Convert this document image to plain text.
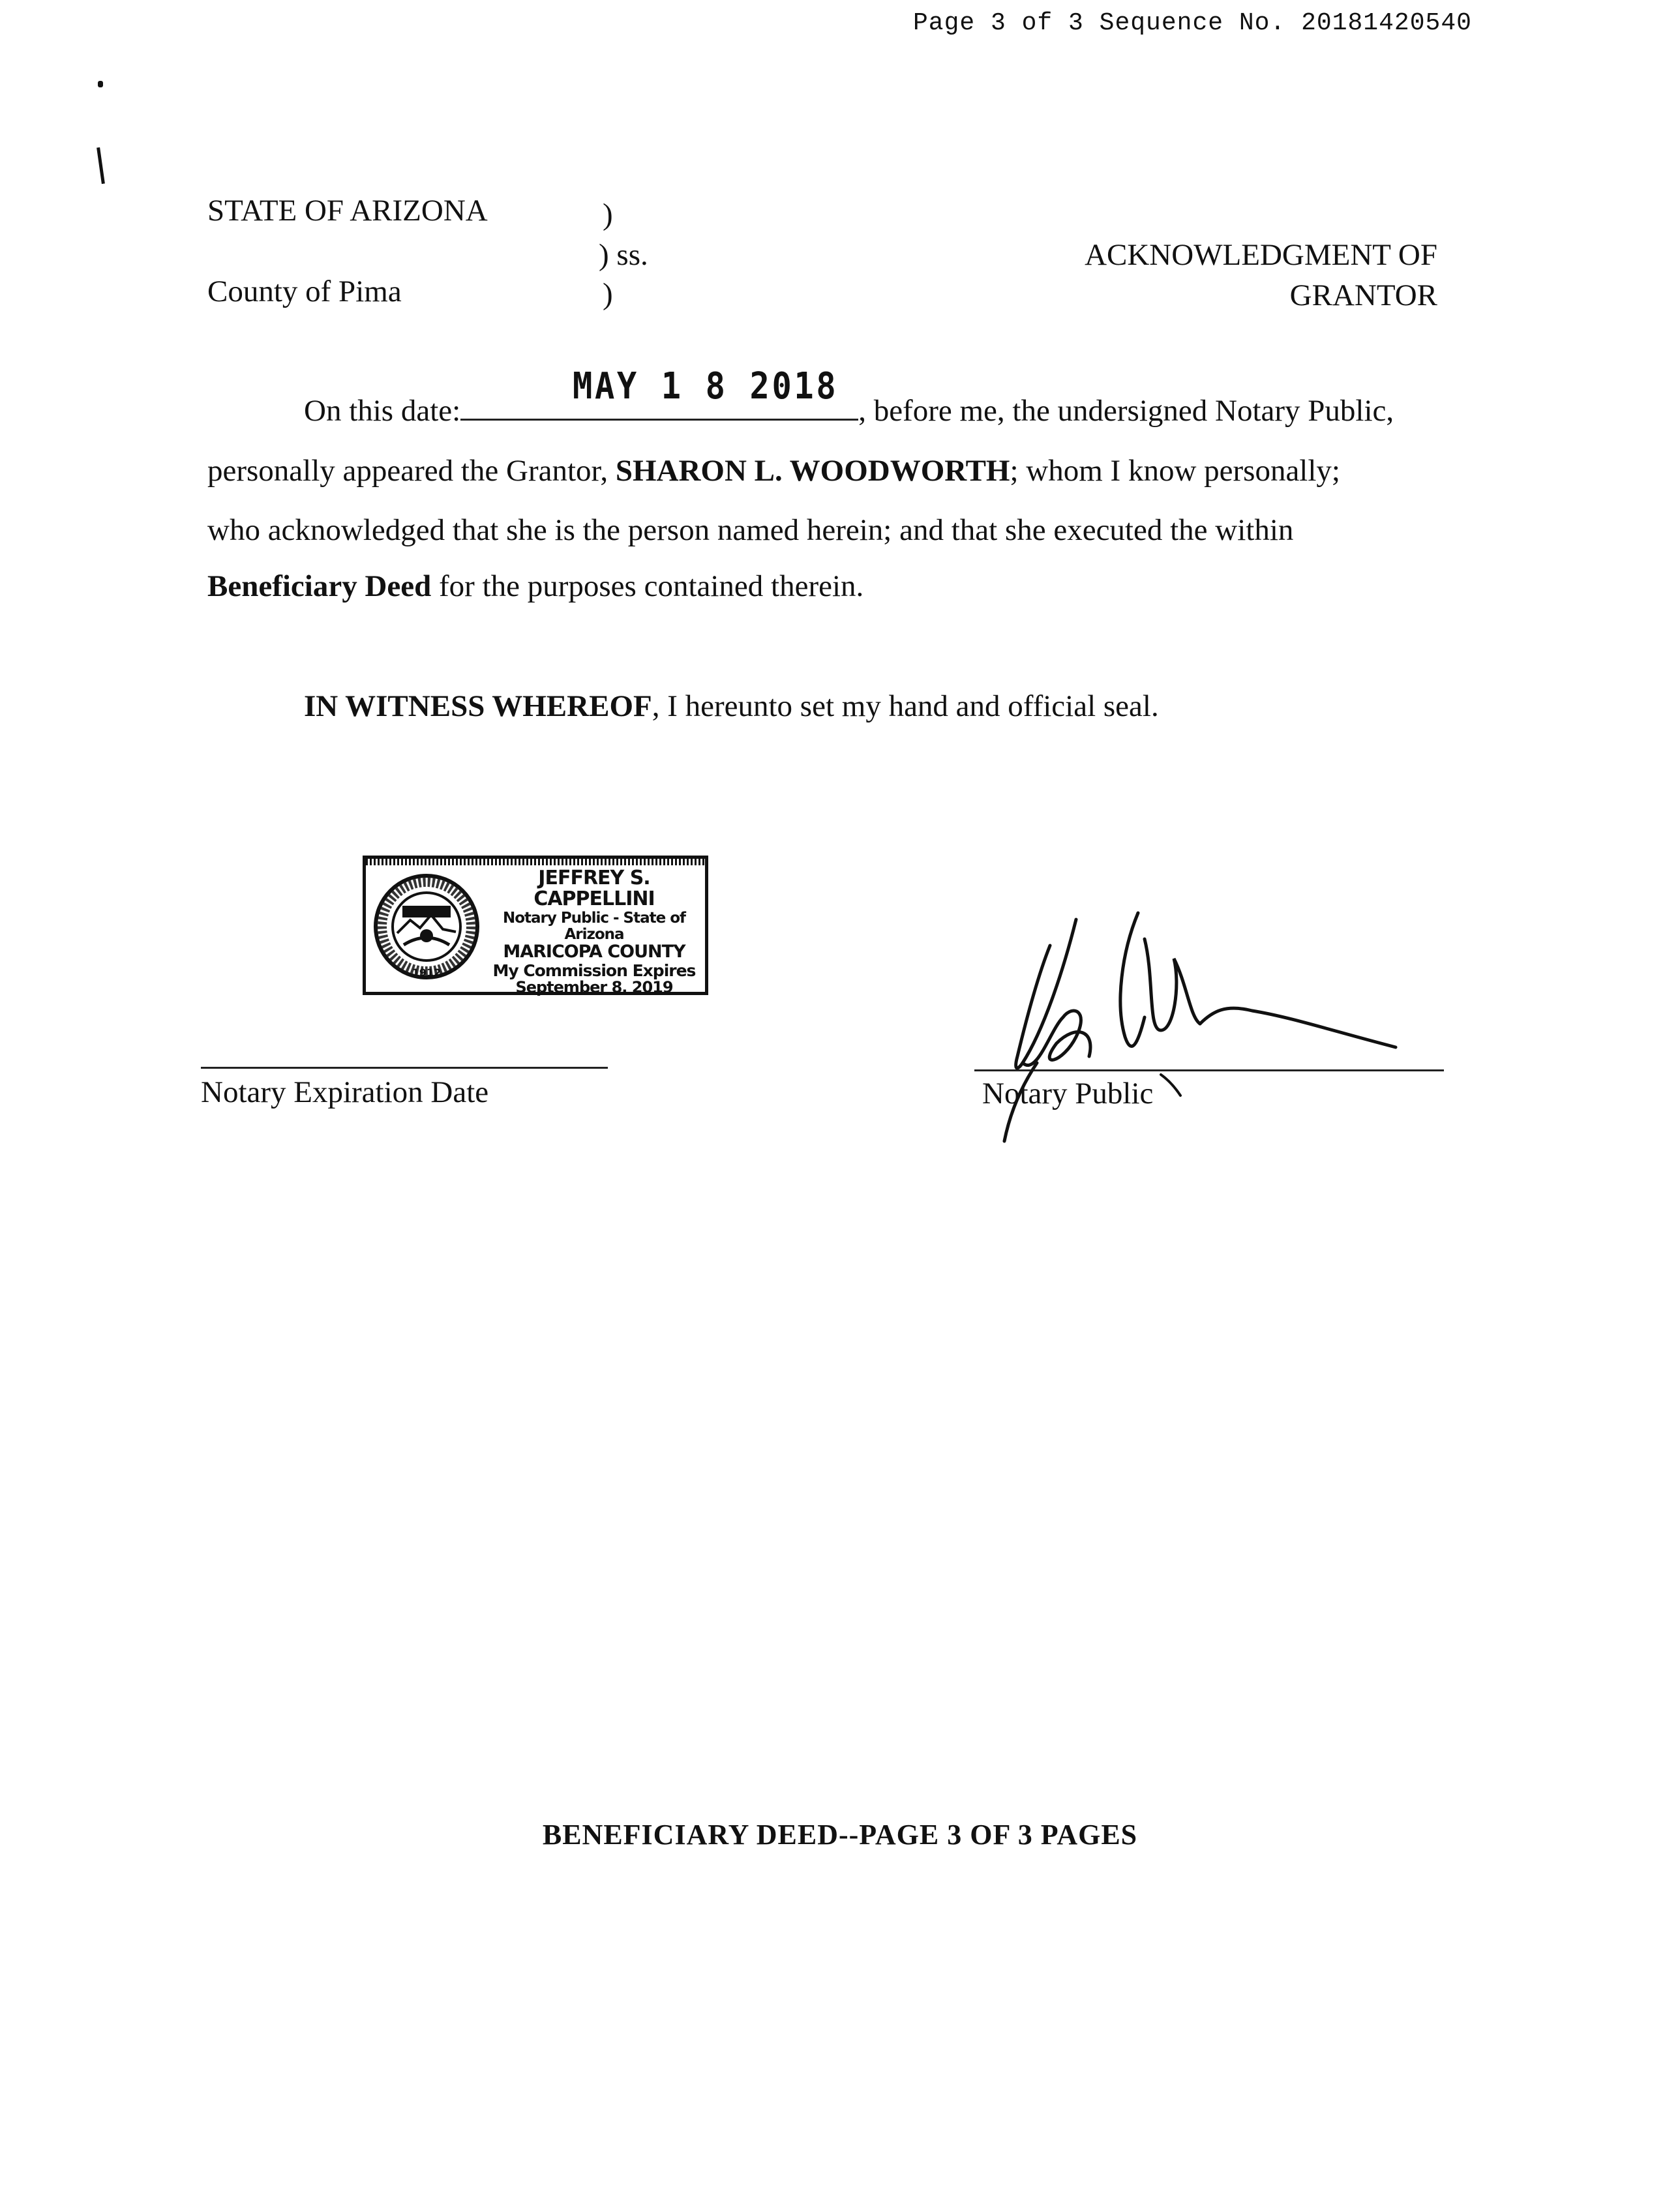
Page 3 of 3 Sequence No. 20181420540
STATE OF ARIZONA
County of Pima
)
) ss.
)
ACKNOWLEDGMENT OF
GRANTOR
On this date:
MAY 1 8 2018
, before me, the undersigned Notary Public,
personally appeared the Grantor, SHARON L. WOODWORTH; whom I know personally;
who acknowledged that she is the person named herein; and that she executed the within
Beneficiary Deed for the purposes contained therein.
IN WITNESS WHEREOF, I hereunto set my hand and official seal.
1912
JEFFREY S. CAPPELLINI
Notary Public - State of Arizona
MARICOPA COUNTY
My Commission Expires
September 8, 2019
Notary Expiration Date	Notary Public
BENEFICIARY DEED--PAGE 3 OF 3 PAGES
